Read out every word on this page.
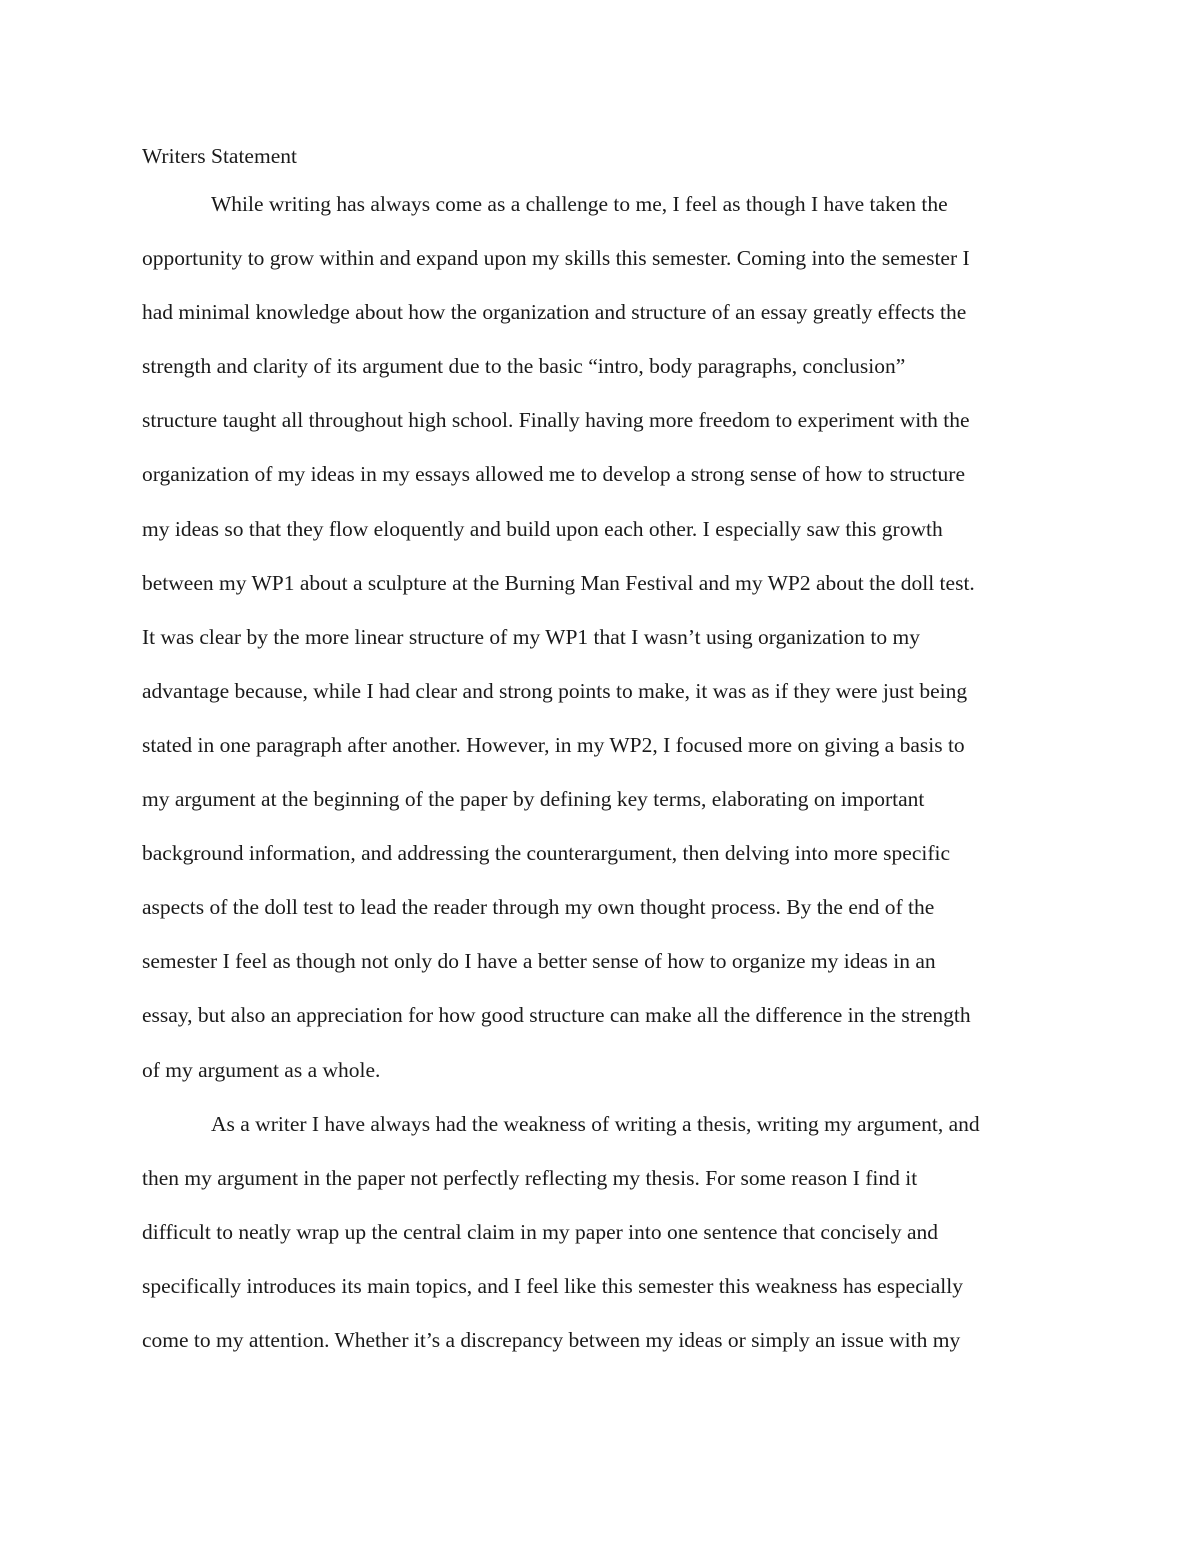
Writers Statement
While writing has always come as a challenge to me, I feel as though I have taken the
opportunity to grow within and expand upon my skills this semester. Coming into the semester I
had minimal knowledge about how the organization and structure of an essay greatly effects the
strength and clarity of its argument due to the basic “intro, body paragraphs, conclusion”
structure taught all throughout high school. Finally having more freedom to experiment with the
organization of my ideas in my essays allowed me to develop a strong sense of how to structure
my ideas so that they flow eloquently and build upon each other. I especially saw this growth
between my WP1 about a sculpture at the Burning Man Festival and my WP2 about the doll test.
It was clear by the more linear structure of my WP1 that I wasn’t using organization to my
advantage because, while I had clear and strong points to make, it was as if they were just being
stated in one paragraph after another. However, in my WP2, I focused more on giving a basis to
my argument at the beginning of the paper by defining key terms, elaborating on important
background information, and addressing the counterargument, then delving into more specific
aspects of the doll test to lead the reader through my own thought process. By the end of the
semester I feel as though not only do I have a better sense of how to organize my ideas in an
essay, but also an appreciation for how good structure can make all the difference in the strength
of my argument as a whole.
As a writer I have always had the weakness of writing a thesis, writing my argument, and
then my argument in the paper not perfectly reflecting my thesis. For some reason I find it
difficult to neatly wrap up the central claim in my paper into one sentence that concisely and
specifically introduces its main topics, and I feel like this semester this weakness has especially
come to my attention. Whether it’s a discrepancy between my ideas or simply an issue with my
